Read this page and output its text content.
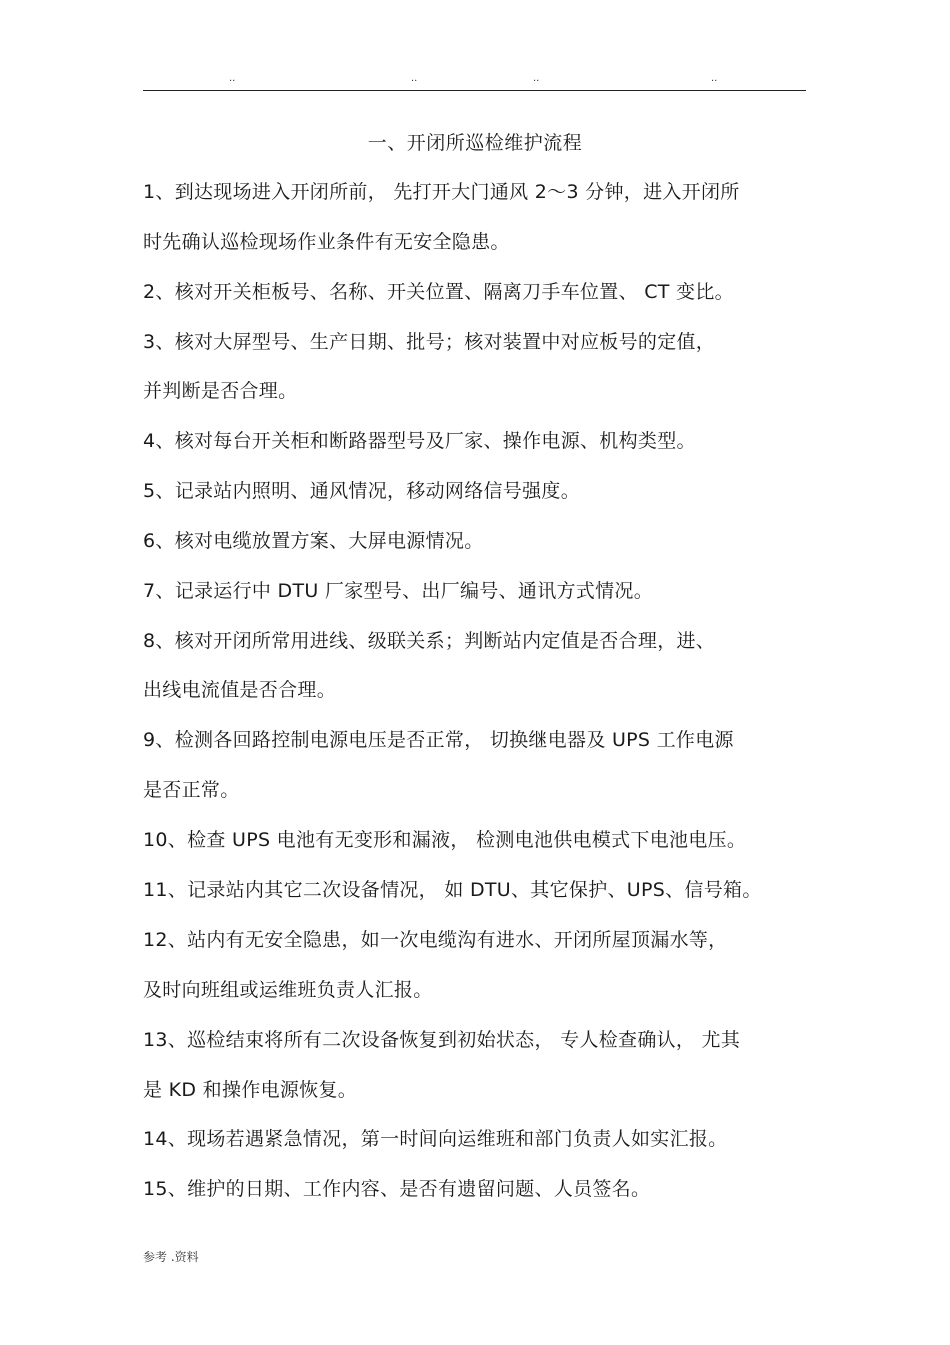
..	..	..	..
一、开闭所巡检维护流程
1、到达现场进入开闭所前， 先打开大门通风 2～3 分钟，进入开闭所
时先确认巡检现场作业条件有无安全隐患。
2、核对开关柜板号、名称、开关位置、隔离刀手车位置、 CT 变比。
3、核对大屏型号、生产日期、批号；核对装置中对应板号的定值，
并判断是否合理。
4、核对每台开关柜和断路器型号及厂家、操作电源、机构类型。
5、记录站内照明、通风情况，移动网络信号强度。
6、核对电缆放置方案、大屏电源情况。
7、记录运行中 DTU 厂家型号、出厂编号、通讯方式情况。
8、核对开闭所常用进线、级联关系；判断站内定值是否合理，进、
出线电流值是否合理。
9、检测各回路控制电源电压是否正常， 切换继电器及 UPS 工作电源
是否正常。
10、检查 UPS 电池有无变形和漏液， 检测电池供电模式下电池电压。
11、记录站内其它二次设备情况， 如 DTU、其它保护、UPS、信号箱。
12、站内有无安全隐患，如一次电缆沟有进水、开闭所屋顶漏水等，
及时向班组或运维班负责人汇报。
13、巡检结束将所有二次设备恢复到初始状态， 专人检查确认， 尤其
是 KD 和操作电源恢复。
14、现场若遇紧急情况，第一时间向运维班和部门负责人如实汇报。
15、维护的日期、工作内容、是否有遗留问题、人员签名。
参考 .资料
